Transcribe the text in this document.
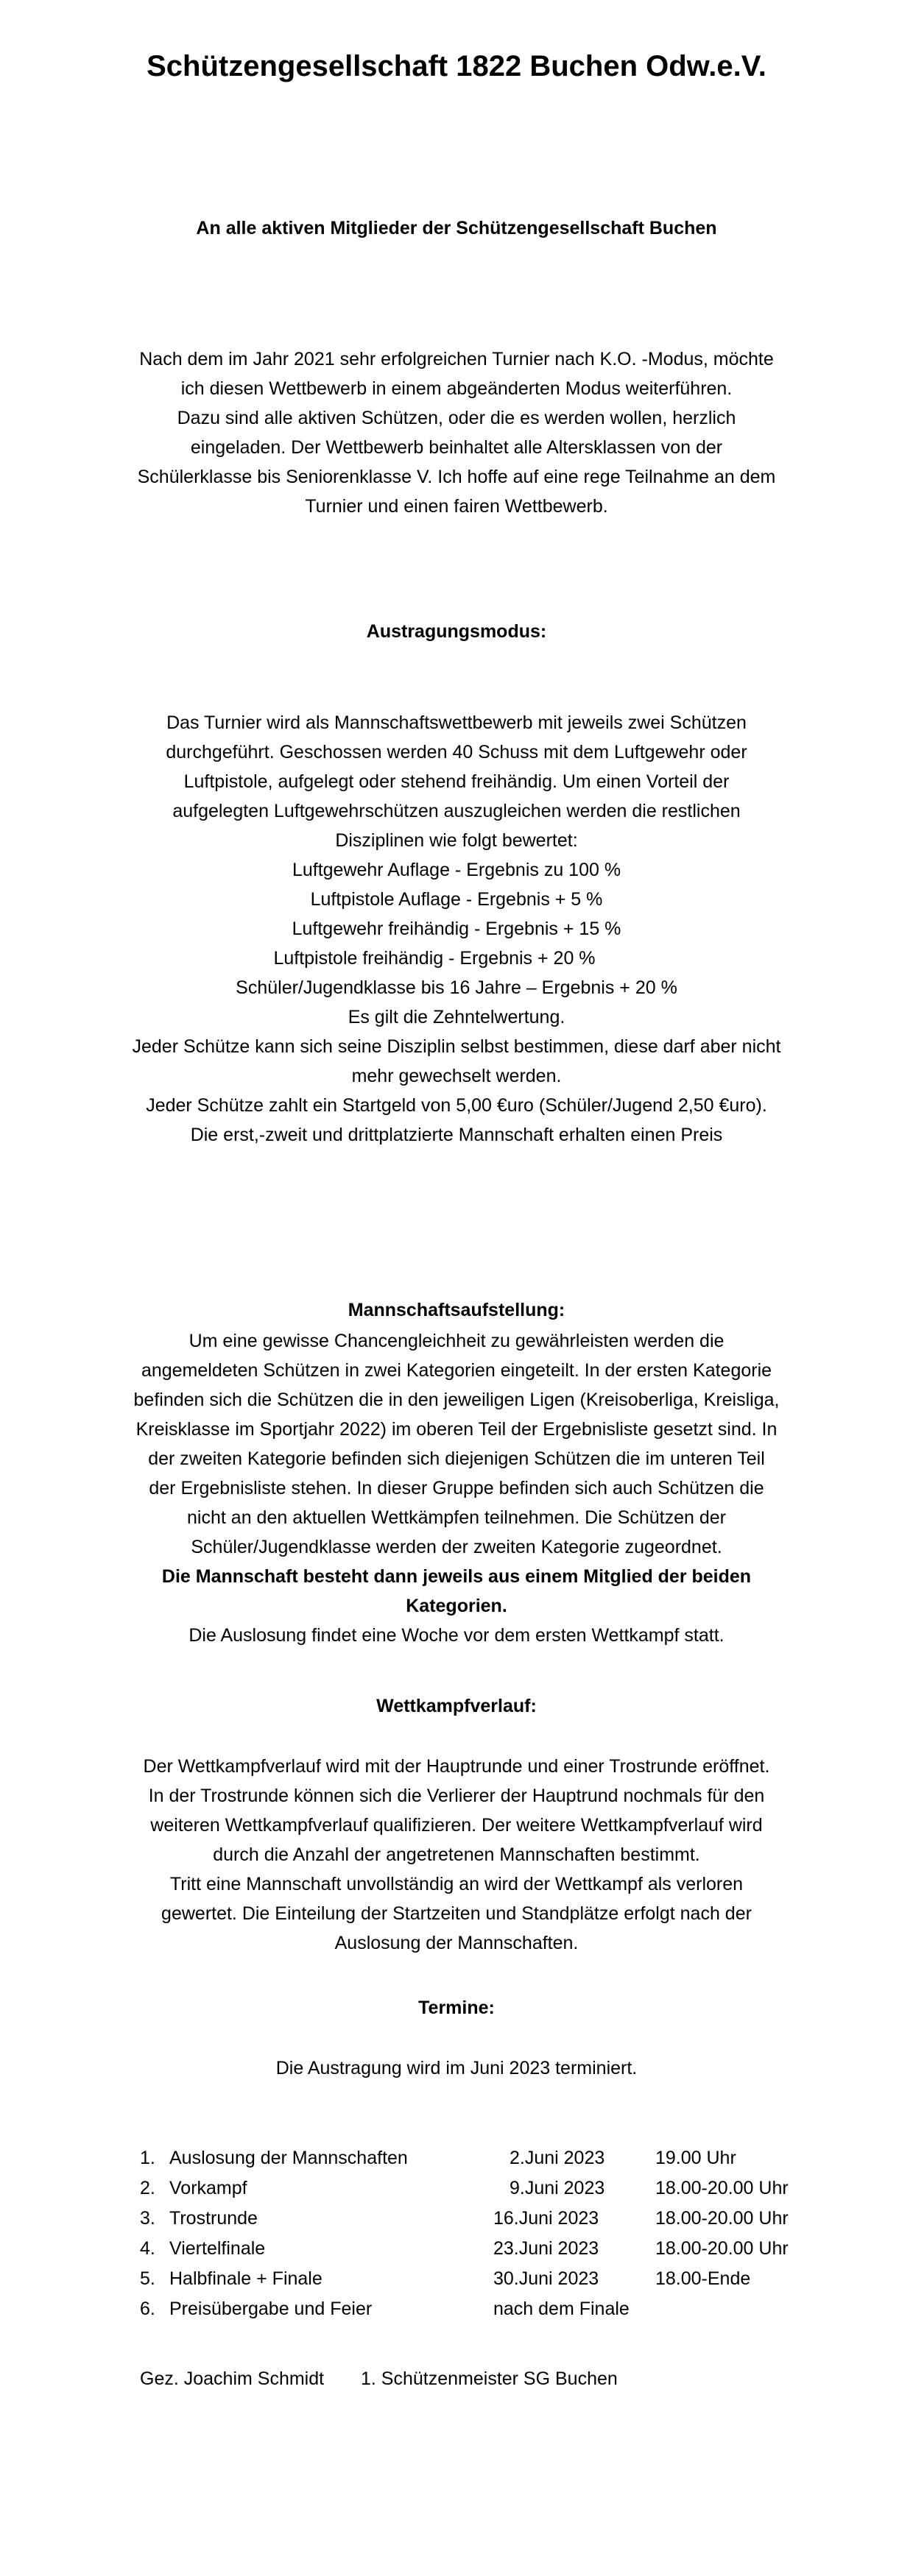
Schützengesellschaft 1822 Buchen Odw.e.V.
An alle aktiven Mitglieder der Schützengesellschaft Buchen

Nach dem im Jahr 2021 sehr erfolgreichen Turnier nach K.O. -Modus, möchte

ich diesen Wettbewerb in einem abgeänderten Modus weiterführen.

Dazu sind alle aktiven Schützen, oder die es werden wollen, herzlich

eingeladen. Der Wettbewerb beinhaltet alle Altersklassen von der

Schülerklasse bis Seniorenklasse V. Ich hoffe auf eine rege Teilnahme an dem

Turnier und einen fairen Wettbewerb.

Austragungsmodus:

Das Turnier wird als Mannschaftswettbewerb mit jeweils zwei Schützen

durchgeführt. Geschossen werden 40 Schuss mit dem Luftgewehr oder

Luftpistole, aufgelegt oder stehend freihändig. Um einen Vorteil der

aufgelegten Luftgewehrschützen auszugleichen werden die restlichen

Disziplinen wie folgt bewertet:

Luftgewehr Auflage - Ergebnis zu 100 %

Luftpistole Auflage - Ergebnis + 5 %

Luftgewehr freihändig - Ergebnis + 15 %

Luftpistole freihändig - Ergebnis + 20 %

Schüler/Jugendklasse bis 16 Jahre – Ergebnis + 20 %

Es gilt die Zehntelwertung.

Jeder Schütze kann sich seine Disziplin selbst bestimmen, diese darf aber nicht

mehr gewechselt werden.

Jeder Schütze zahlt ein Startgeld von 5,00 €uro (Schüler/Jugend 2,50 €uro).

Die erst,-zweit und drittplatzierte Mannschaft erhalten einen Preis

Mannschaftsaufstellung:

Um eine gewisse Chancengleichheit zu gewährleisten werden die

angemeldeten Schützen in zwei Kategorien eingeteilt. In der ersten Kategorie

befinden sich die Schützen die in den jeweiligen Ligen (Kreisoberliga, Kreisliga,

Kreisklasse im Sportjahr 2022) im oberen Teil der Ergebnisliste gesetzt sind. In

der zweiten Kategorie befinden sich diejenigen Schützen die im unteren Teil

der Ergebnisliste stehen. In dieser Gruppe befinden sich auch Schützen die

nicht an den aktuellen Wettkämpfen teilnehmen. Die Schützen der

Schüler/Jugendklasse werden der zweiten Kategorie zugeordnet.

Die Mannschaft besteht dann jeweils aus einem Mitglied der beiden

Kategorien.

Die Auslosung findet eine Woche vor dem ersten Wettkampf statt.

Wettkampfverlauf:

Der Wettkampfverlauf wird mit der Hauptrunde und einer Trostrunde eröffnet.

In der Trostrunde können sich die Verlierer der Hauptrund nochmals für den

weiteren Wettkampfverlauf qualifizieren. Der weitere Wettkampfverlauf wird

durch die Anzahl der angetretenen Mannschaften bestimmt.

Tritt eine Mannschaft unvollständig an wird der Wettkampf als verloren

gewertet. Die Einteilung der Startzeiten und Standplätze erfolgt nach der

Auslosung der Mannschaften.

Termine:
Die Austragung wird im Juni 2023 terminiert.
1. Auslosung der Mannschaften	2.Juni 2023	19.00 Uhr
2. Vorkampf	9.Juni 2023	18.00-20.00 Uhr
3. Trostrunde	16.Juni 2023	18.00-20.00 Uhr
4. Viertelfinale	23.Juni 2023	18.00-20.00 Uhr
5. Halbfinale + Finale	30.Juni 2023	18.00-Ende
6. Preisübergabe und Feier	nach dem Finale
Gez. Joachim Schmidt	1. Schützenmeister SG Buchen
